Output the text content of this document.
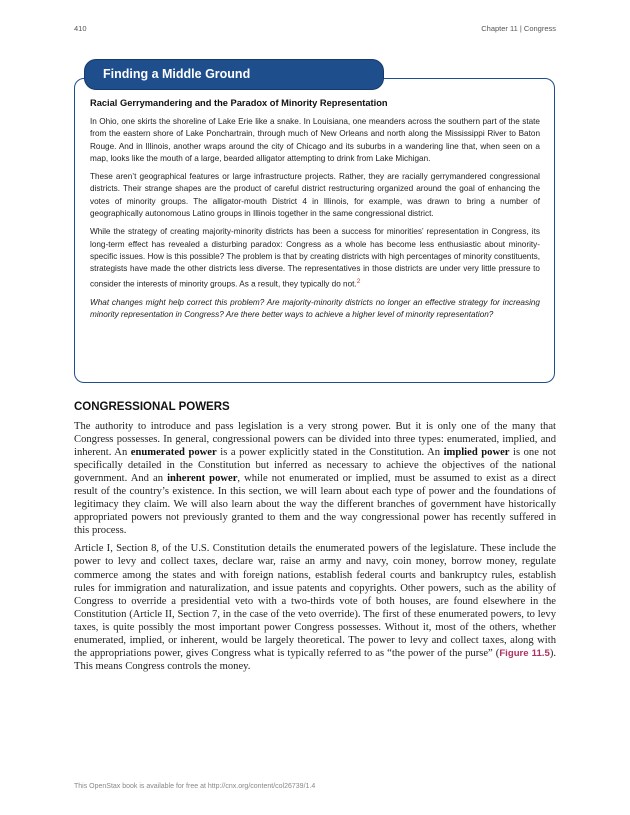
410	Chapter 11 | Congress
Finding a Middle Ground
Racial Gerrymandering and the Paradox of Minority Representation

In Ohio, one skirts the shoreline of Lake Erie like a snake. In Louisiana, one meanders across the southern part of the state from the eastern shore of Lake Ponchartrain, through much of New Orleans and north along the Mississippi River to Baton Rouge. And in Illinois, another wraps around the city of Chicago and its suburbs in a wandering line that, when seen on a map, looks like the mouth of a large, bearded alligator attempting to drink from Lake Michigan.

These aren’t geographical features or large infrastructure projects. Rather, they are racially gerrymandered congressional districts. Their strange shapes are the product of careful district restructuring organized around the goal of enhancing the votes of minority groups. The alligator-mouth District 4 in Illinois, for example, was drawn to bring a number of geographically autonomous Latino groups in Illinois together in the same congressional district.

While the strategy of creating majority-minority districts has been a success for minorities’ representation in Congress, its long-term effect has revealed a disturbing paradox: Congress as a whole has become less enthusiastic about minority-specific issues. How is this possible? The problem is that by creating districts with high percentages of minority constituents, strategists have made the other districts less diverse. The representatives in those districts are under very little pressure to consider the interests of minority groups. As a result, they typically do not.$^2$

What changes might help correct this problem? Are majority-minority districts no longer an effective strategy for increasing minority representation in Congress? Are there better ways to achieve a higher level of minority representation?

CONGRESSIONAL POWERS

The authority to introduce and pass legislation is a very strong power. But it is only one of the many that Congress possesses. In general, congressional powers can be divided into three types: enumerated, implied, and inherent. An enumerated power is a power explicitly stated in the Constitution. An implied power is one not specifically detailed in the Constitution but inferred as necessary to achieve the objectives of the national government. And an inherent power, while not enumerated or implied, must be assumed to exist as a direct result of the country’s existence. In this section, we will learn about each type of power and the foundations of legitimacy they claim. We will also learn about the way the different branches of government have historically appropriated powers not previously granted to them and the way congressional power has recently suffered in this process.

Article I, Section 8, of the U.S. Constitution details the enumerated powers of the legislature. These include the power to levy and collect taxes, declare war, raise an army and navy, coin money, borrow money, regulate commerce among the states and with foreign nations, establish federal courts and bankruptcy rules, establish rules for immigration and naturalization, and issue patents and copyrights. Other powers, such as the ability of Congress to override a presidential veto with a two-thirds vote of both houses, are found elsewhere in the Constitution (Article II, Section 7, in the case of the veto override). The first of these enumerated powers, to levy taxes, is quite possibly the most important power Congress possesses. Without it, most of the others, whether enumerated, implied, or inherent, would be largely theoretical. The power to levy and collect taxes, along with the appropriations power, gives Congress what is typically referred to as “the power of the purse” (Figure 11.5). This means Congress controls the money.

This OpenStax book is available for free at http://cnx.org/content/col26739/1.4
